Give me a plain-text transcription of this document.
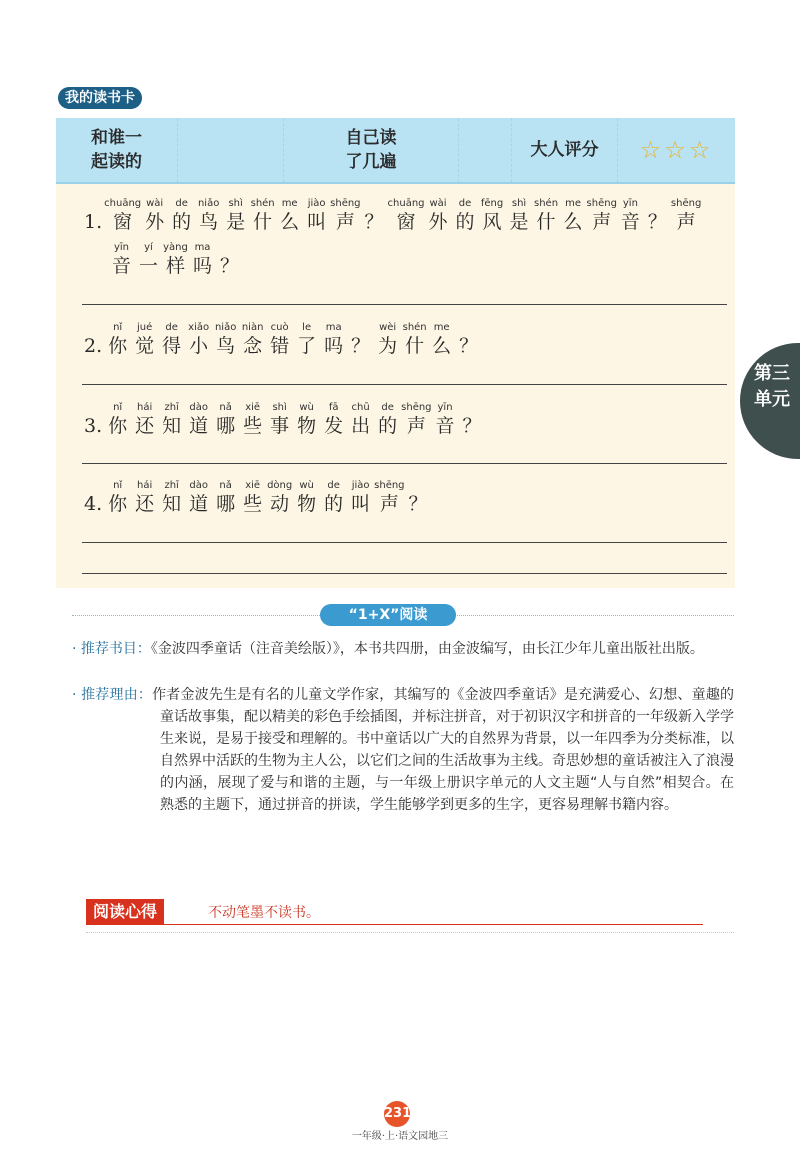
我的读书卡
和谁一
起读的
自己读
了几遍
大人评分 ☆☆☆
1.
chuāng
窗
wài
外
de
的
niǎo
鸟
shì
是
shén
什
me
么
jiào
叫
shēng
声
？
chuāng
窗
wài
外
de
的
fēng
风
shì
是
shén
什
me
么
shēng
声
yīn
音
？
shēng
声
yīn
音
yí
一
yàng
样
ma
吗
？
2.
nǐ
你
jué
觉
de
得
xiǎo
小
niǎo
鸟
niàn
念
cuò
错
le
了
ma
吗
？
wèi
为
shén
什
me
么
？
3.
nǐ
你
hái
还
zhī
知
dào
道
nǎ
哪
xiē
些
shì
事
wù
物
fā
发
chū
出
de
的
shēng
声
yīn
音
？
4.
nǐ
你
hái
还
zhī
知
dào
道
nǎ
哪
xiē
些
dòng
动
wù
物
de
的
jiào
叫
shēng
声
？
“1+X”阅读
· 推荐书目：《金波四季童话（注音美绘版）》，本书共四册，由金波编写，由长江少年儿童出版社出版。
· 推荐理由：作者金波先生是有名的儿童文学作家，其编写的《金波四季童话》是充满爱心、幻想、童趣的童话故事集，配以精美的彩色手绘插图，并标注拼音，对于初识汉字和拼音的一年级新入学学生来说，是易于接受和理解的。书中童话以广大的自然界为背景，以一年四季为分类标准，以自然界中活跃的生物为主人公，以它们之间的生活故事为主线。奇思妙想的童话被注入了浪漫的内涵，展现了爱与和谐的主题，与一年级上册识字单元的人文主题“人与自然”相契合。在熟悉的主题下，通过拼音的拼读，学生能够学到更多的生字，更容易理解书籍内容。
阅读心得	不动笔墨不读书。
第三
单元
231
一年级·上·语文园地三
